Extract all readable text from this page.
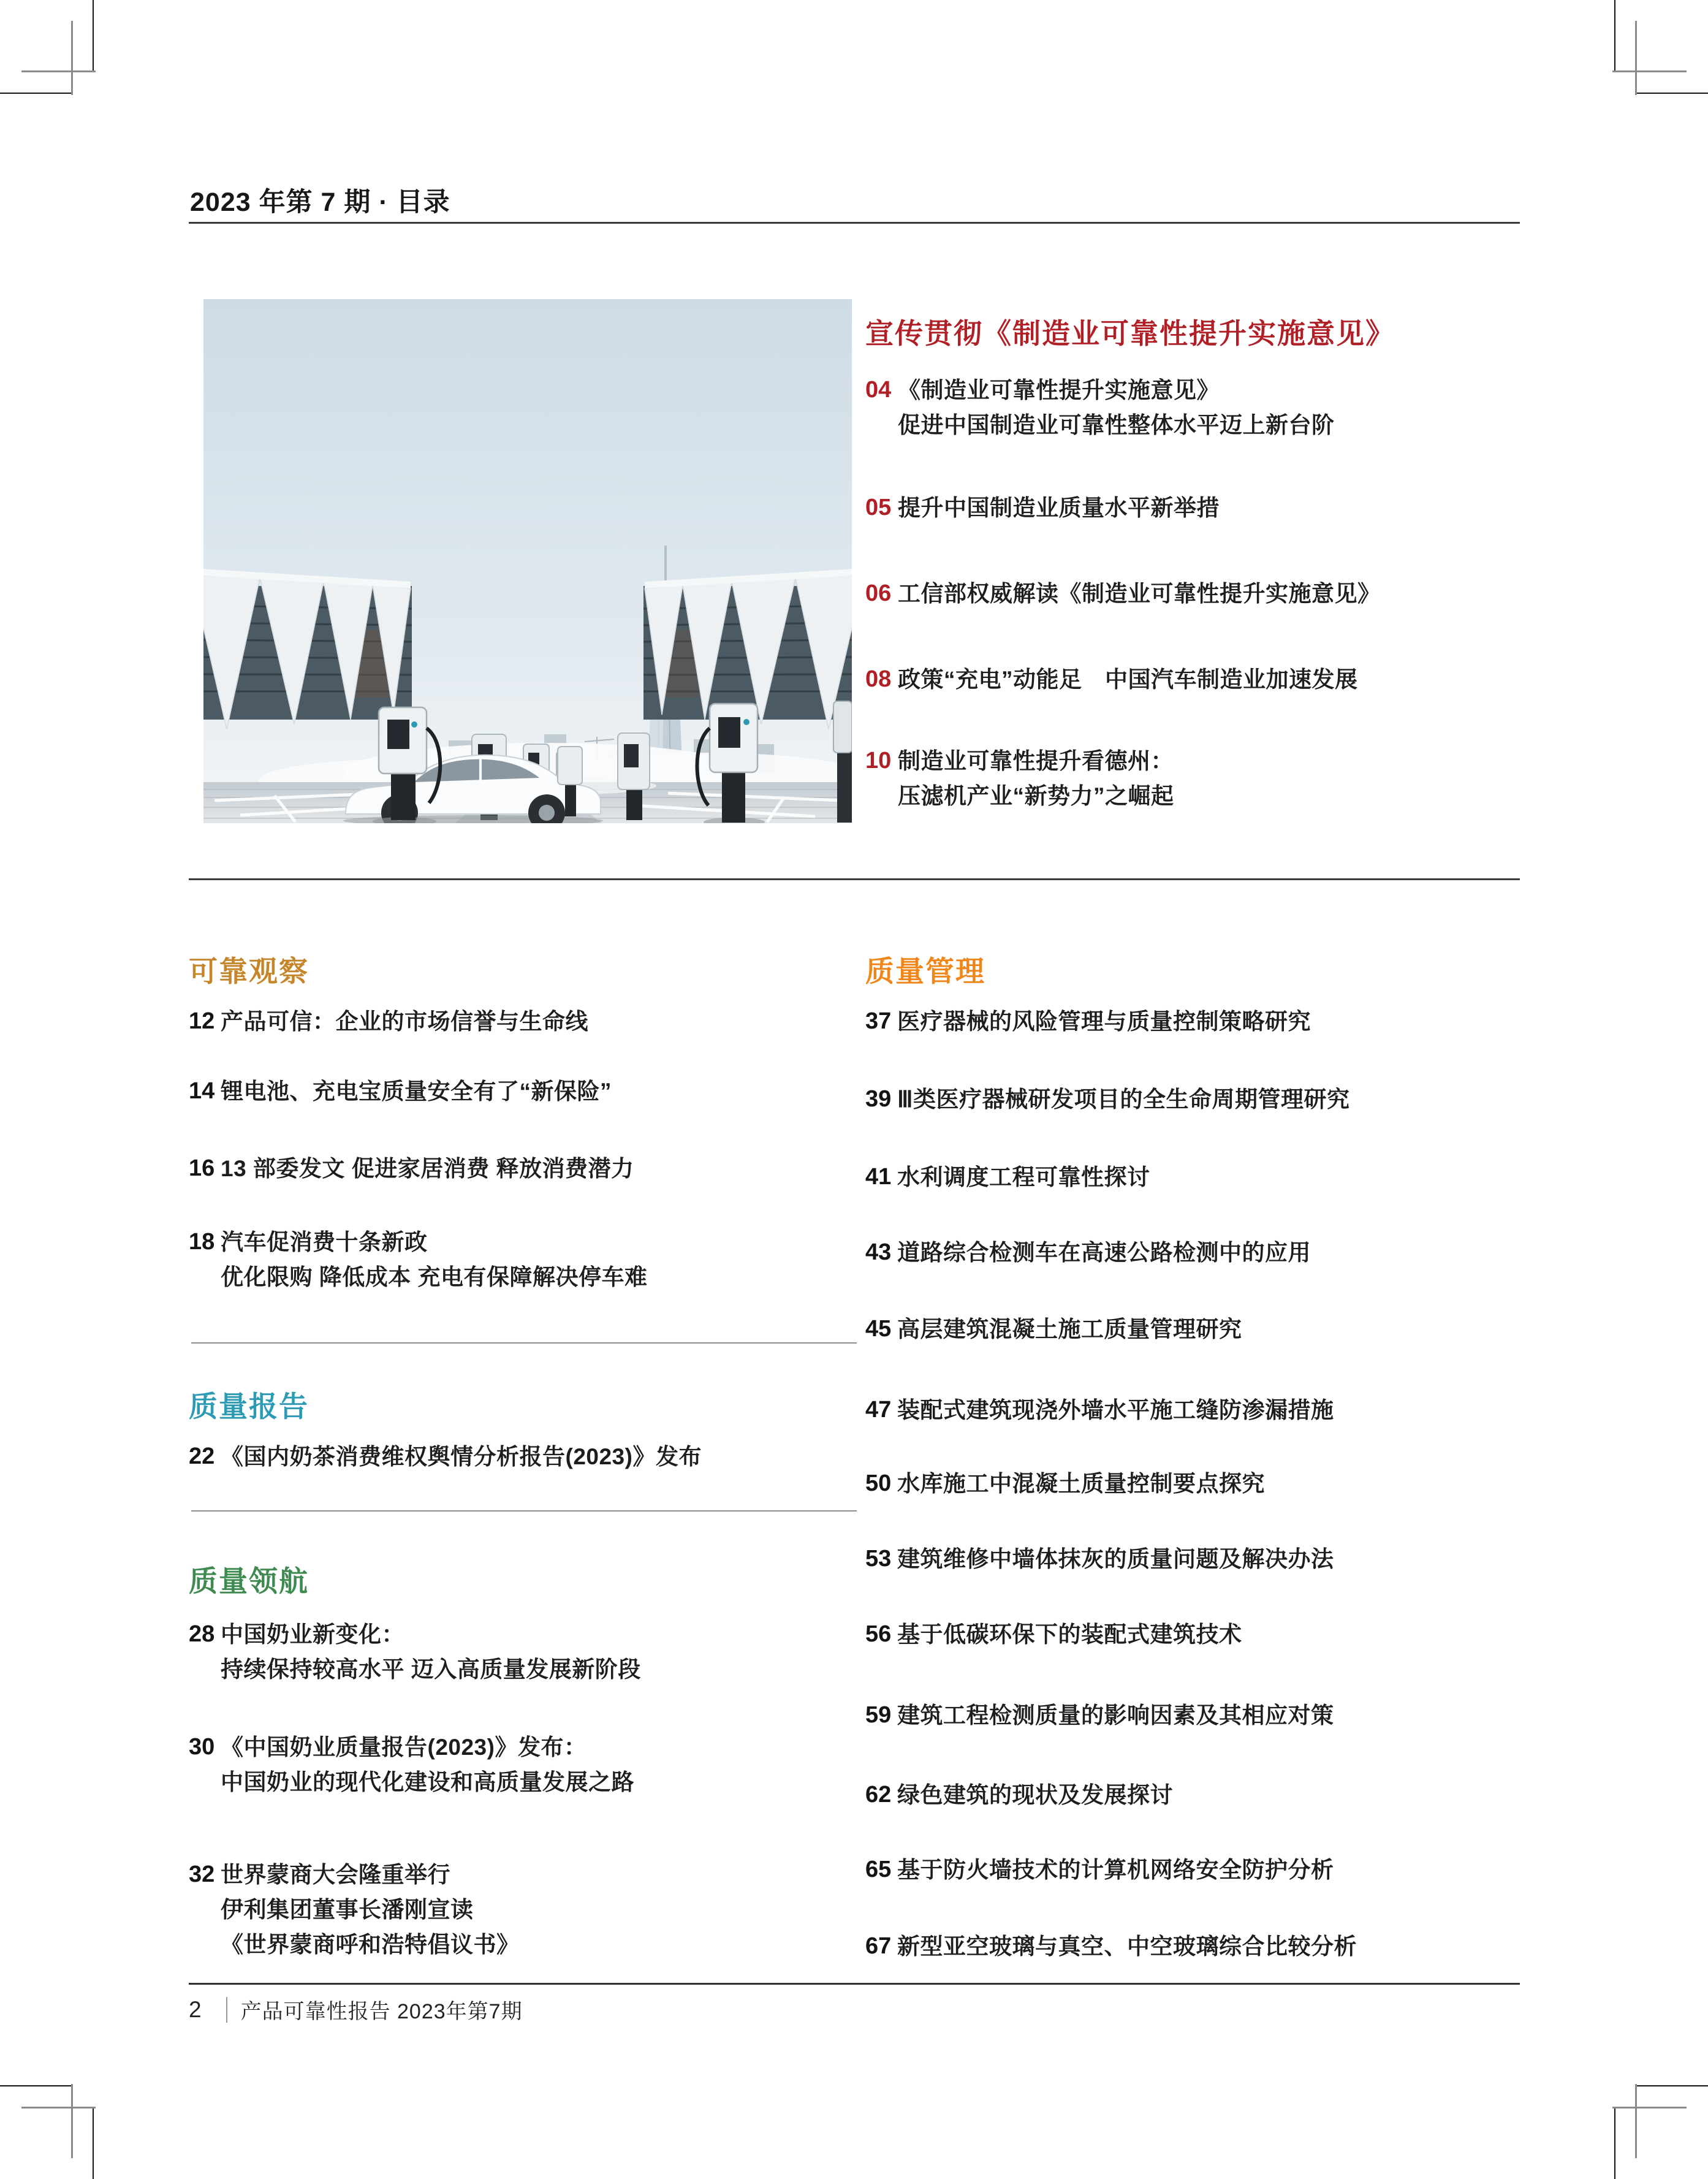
2023 年第 7 期 · 目录
宣传贯彻《制造业可靠性提升实施意见》
04 《制造业可靠性提升实施意见》
促进中国制造业可靠性整体水平迈上新台阶
05 提升中国制造业质量水平新举措
06 工信部权威解读《制造业可靠性提升实施意见》
08 政策“充电”动能足　中国汽车制造业加速发展
10 制造业可靠性提升看德州：
压滤机产业“新势力”之崛起
可靠观察
12 产品可信：企业的市场信誉与生命线
14 锂电池、充电宝质量安全有了“新保险”
16 13 部委发文 促进家居消费 释放消费潜力
18 汽车促消费十条新政
优化限购 降低成本 充电有保障解决停车难
质量报告
22 《国内奶茶消费维权舆情分析报告(2023)》发布
质量领航
28 中国奶业新变化：
持续保持较高水平 迈入高质量发展新阶段
30 《中国奶业质量报告(2023)》发布：
中国奶业的现代化建设和高质量发展之路
32 世界蒙商大会隆重举行
伊利集团董事长潘刚宣读
《世界蒙商呼和浩特倡议书》
质量管理
37 医疗器械的风险管理与质量控制策略研究
39 Ⅲ类医疗器械研发项目的全生命周期管理研究
41 水利调度工程可靠性探讨
43 道路综合检测车在高速公路检测中的应用
45 高层建筑混凝土施工质量管理研究
47 装配式建筑现浇外墙水平施工缝防渗漏措施
50 水库施工中混凝土质量控制要点探究
53 建筑维修中墙体抹灰的质量问题及解决办法
56 基于低碳环保下的装配式建筑技术
59 建筑工程检测质量的影响因素及其相应对策
62 绿色建筑的现状及发展探讨
65 基于防火墙技术的计算机网络安全防护分析
67 新型亚空玻璃与真空、中空玻璃综合比较分析
2 产品可靠性报告 2023年第7期
